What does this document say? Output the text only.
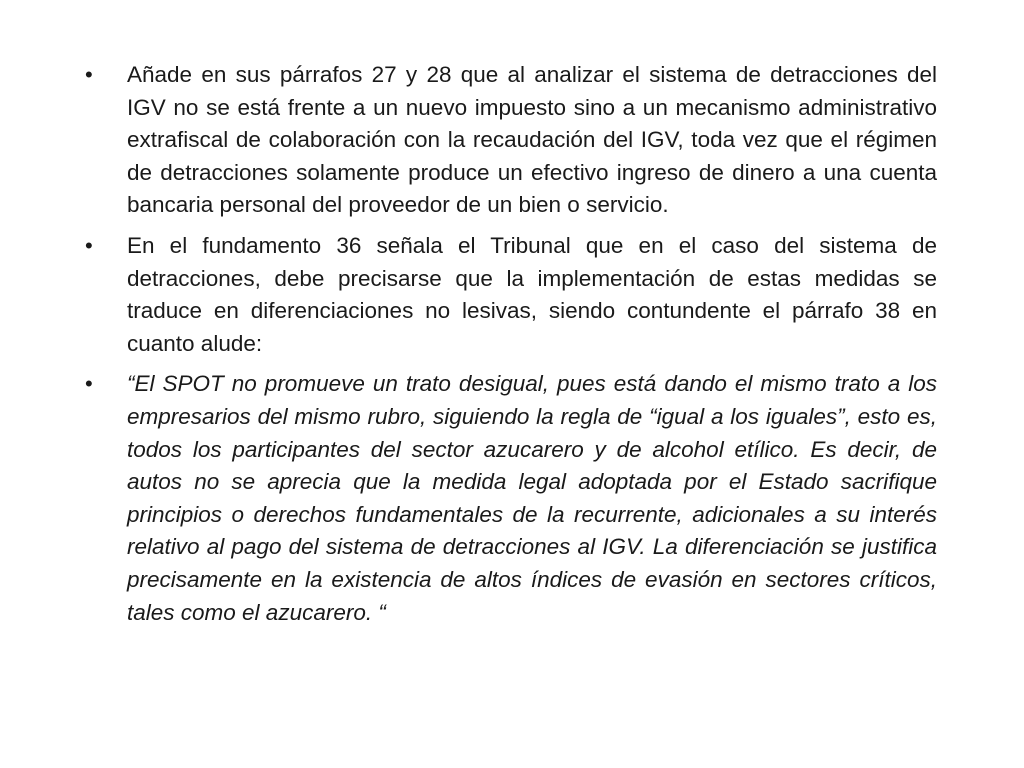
•	Añade en sus párrafos 27 y 28 que al analizar el sistema de detracciones del IGV no se está frente a un nuevo impuesto sino a un mecanismo administrativo extrafiscal de colaboración con la recaudación del IGV, toda vez que el régimen de detracciones solamente produce un efectivo ingreso de dinero a una cuenta bancaria personal del proveedor de un bien o servicio.
•	En el fundamento 36 señala el Tribunal que en el caso del sistema de detracciones, debe precisarse que la implementación de estas medidas se traduce en diferenciaciones no lesivas, siendo contundente el párrafo 38 en cuanto alude:
•	“El SPOT no promueve un trato desigual, pues está dando el mismo trato a los empresarios del mismo rubro, siguiendo la regla de “igual a los iguales”, esto es, todos los participantes del sector azucarero y de alcohol etílico. Es decir, de autos no se aprecia que la medida legal adoptada por el Estado sacrifique principios o derechos fundamentales de la recurrente, adicionales a su interés relativo al pago del sistema de detracciones al IGV. La diferenciación se justifica precisamente en la existencia de altos índices de evasión en sectores críticos, tales como el azucarero. “
